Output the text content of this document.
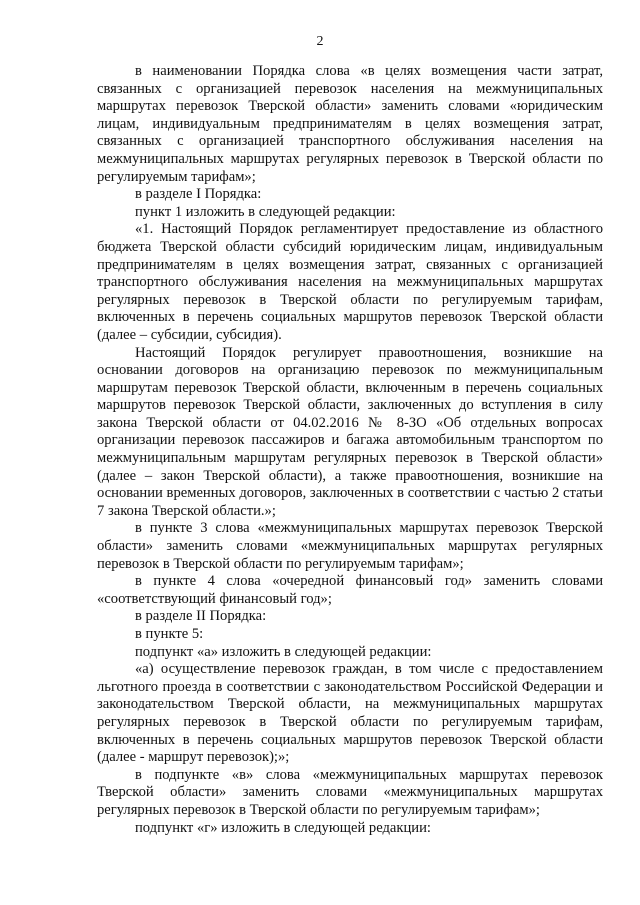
2

в наименовании Порядка слова «в целях возмещения части затрат, связанных с организацией перевозок населения на межмуниципальных маршрутах перевозок Тверской области» заменить словами «юридическим лицам, индивидуальным предпринимателям в целях возмещения затрат, связанных с организацией транспортного обслуживания населения на межмуниципальных маршрутах регулярных перевозок в Тверской области по регулируемым тарифам»;

в разделе I Порядка:

пункт 1 изложить в следующей редакции:

«1. Настоящий Порядок регламентирует предоставление из областного бюджета Тверской области субсидий юридическим лицам, индивидуальным предпринимателям в целях возмещения затрат, связанных с организацией транспортного обслуживания населения на межмуниципальных маршрутах регулярных перевозок в Тверской области по регулируемым тарифам, включенных в перечень социальных маршрутов перевозок Тверской области (далее – субсидии, субсидия).

Настоящий Порядок регулирует правоотношения, возникшие на основании договоров на организацию перевозок по межмуниципальным маршрутам перевозок Тверской области, включенным в перечень социальных маршрутов перевозок Тверской области, заключенных до вступления в силу закона Тверской области от 04.02.2016 № 8-ЗО «Об отдельных вопросах организации перевозок пассажиров и багажа автомобильным транспортом по межмуниципальным маршрутам регулярных перевозок в Тверской области» (далее – закон Тверской области), а также правоотношения, возникшие на основании временных договоров, заключенных в соответствии с частью 2 статьи 7 закона Тверской области.»;

в пункте 3 слова «межмуниципальных маршрутах перевозок Тверской области» заменить словами «межмуниципальных маршрутах регулярных перевозок в Тверской области по регулируемым тарифам»;

в пункте 4 слова «очередной финансовый год» заменить словами «соответствующий финансовый год»;

в разделе II Порядка:

в пункте 5:

подпункт «а» изложить в следующей редакции:

«а) осуществление перевозок граждан, в том числе с предоставлением льготного проезда в соответствии с законодательством Российской Федерации и законодательством Тверской области, на межмуниципальных маршрутах регулярных перевозок в Тверской области по регулируемым тарифам, включенных в перечень социальных маршрутов перевозок Тверской области (далее - маршрут перевозок);»;

в подпункте «в» слова «межмуниципальных маршрутах перевозок Тверской области» заменить словами «межмуниципальных маршрутах регулярных перевозок в Тверской области по регулируемым тарифам»;

подпункт «г» изложить в следующей редакции:
